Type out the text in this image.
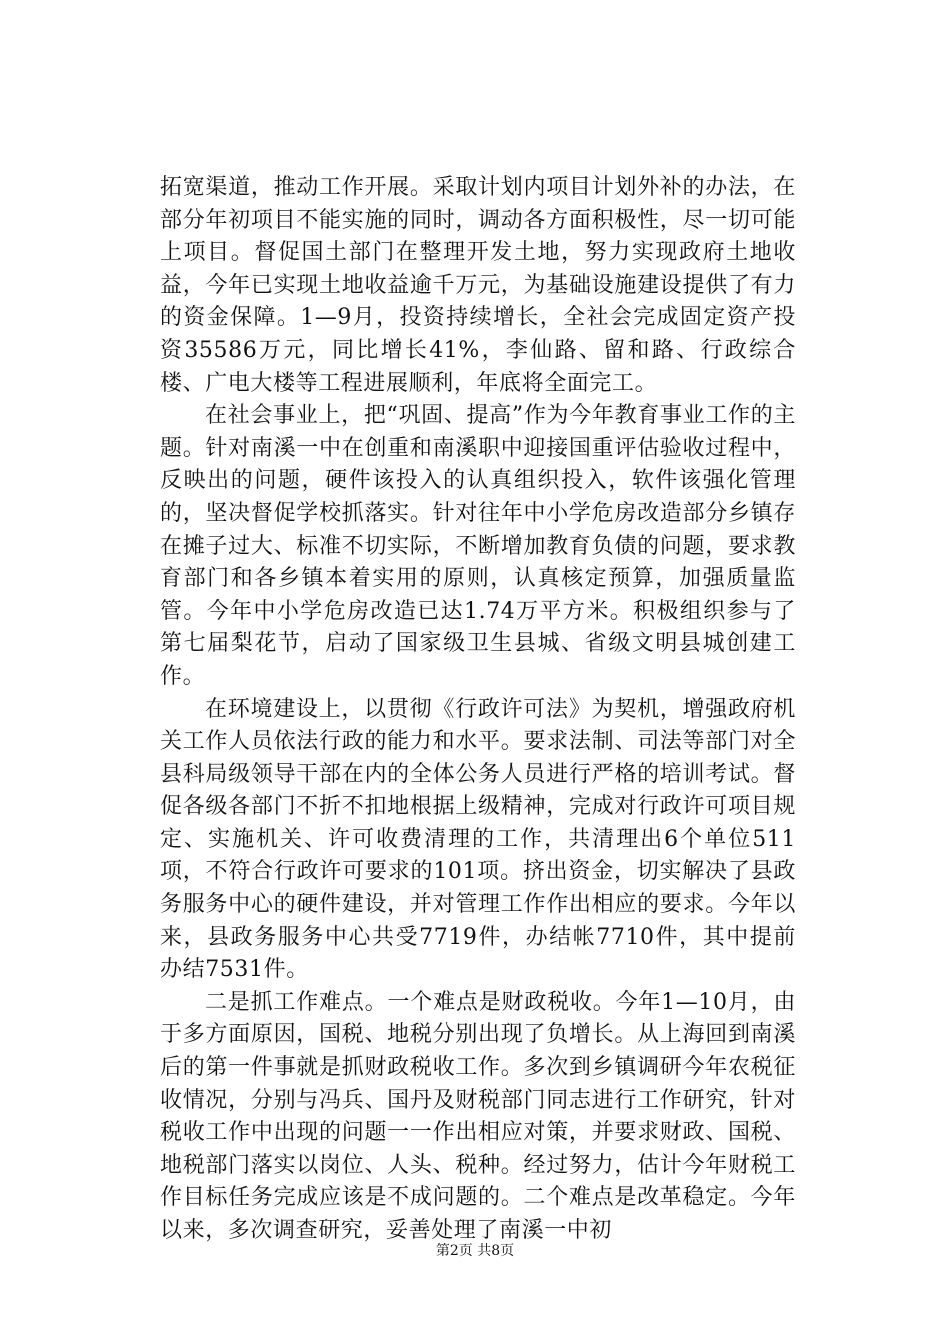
拓宽渠道，推动工作开展。采取计划内项目计划外补的办法，在部分年初项目不能实施的同时，调动各方面积极性，尽一切可能上项目。督促国土部门在整理开发土地，努力实现政府土地收益，今年已实现土地收益逾千万元，为基础设施建设提供了有力的资金保障。1—9月，投资持续增长，全社会完成固定资产投资35586万元，同比增长41%，李仙路、留和路、行政综合楼、广电大楼等工程进展顺利，年底将全面完工。

在社会事业上，把“巩固、提高”作为今年教育事业工作的主题。针对南溪一中在创重和南溪职中迎接国重评估验收过程中，反映出的问题，硬件该投入的认真组织投入，软件该强化管理的，坚决督促学校抓落实。针对往年中小学危房改造部分乡镇存在摊子过大、标准不切实际，不断增加教育负债的问题，要求教育部门和各乡镇本着实用的原则，认真核定预算，加强质量监管。今年中小学危房改造已达1.74万平方米。积极组织参与了第七届梨花节，启动了国家级卫生县城、省级文明县城创建工作。

在环境建设上，以贯彻《行政许可法》为契机，增强政府机关工作人员依法行政的能力和水平。要求法制、司法等部门对全县科局级领导干部在内的全体公务人员进行严格的培训考试。督促各级各部门不折不扣地根据上级精神，完成对行政许可项目规定、实施机关、许可收费清理的工作，共清理出6个单位511项，不符合行政许可要求的101项。挤出资金，切实解决了县政务服务中心的硬件建设，并对管理工作作出相应的要求。今年以来，县政务服务中心共受7719件，办结帐7710件，其中提前办结7531件。

二是抓工作难点。一个难点是财政税收。今年1—10月，由于多方面原因，国税、地税分别出现了负增长。从上海回到南溪后的第一件事就是抓财政税收工作。多次到乡镇调研今年农税征收情况，分别与冯兵、国丹及财税部门同志进行工作研究，针对税收工作中出现的问题一一作出相应对策，并要求财政、国税、地税部门落实以岗位、人头、税种。经过努力，估计今年财税工作目标任务完成应该是不成问题的。二个难点是改革稳定。今年以来，多次调查研究，妥善处理了南溪一中初

第2页 共8页
